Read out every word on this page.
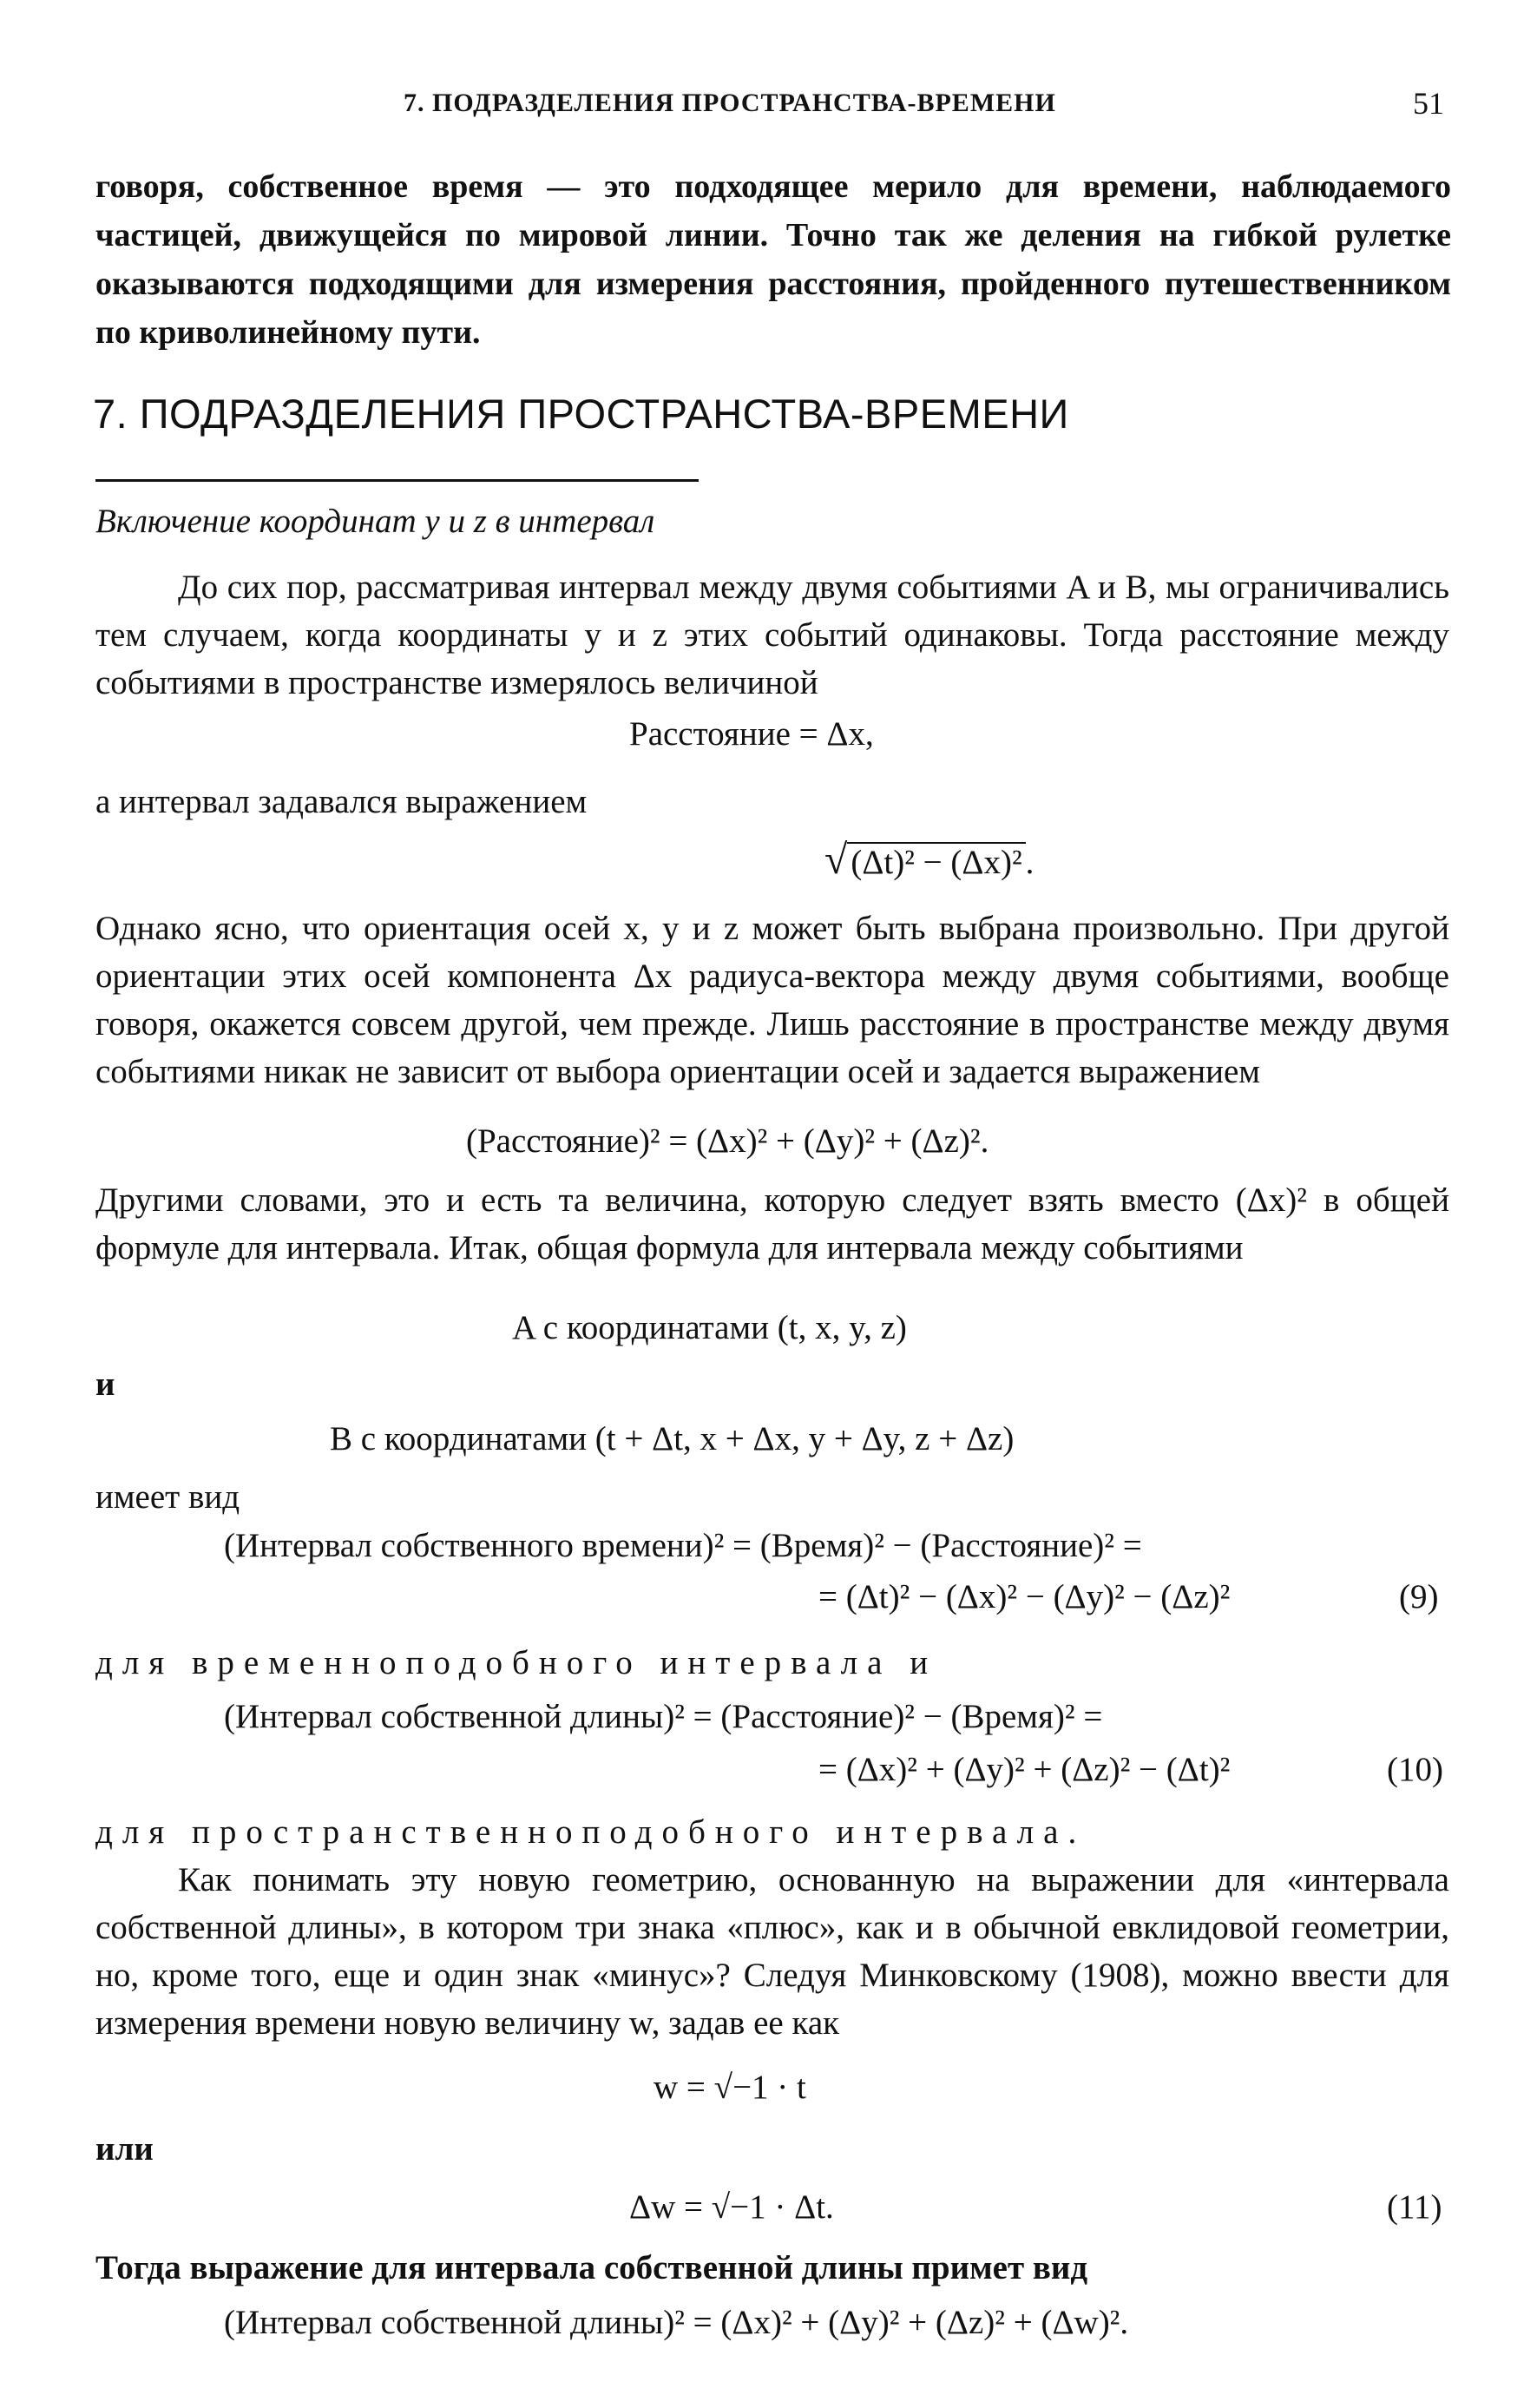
7. ПОДРАЗДЕЛЕНИЯ ПРОСТРАНСТВА-ВРЕМЕНИ	51
говоря, собственное время — это подходящее мерило для времени, наблюдаемого частицей, движущейся по мировой линии. Точно так же деления на гибкой рулетке оказываются подходящими для измерения расстояния, пройденного путешественником по криволинейному пути.
7. ПОДРАЗДЕЛЕНИЯ ПРОСТРАНСТВА-ВРЕМЕНИ
Включение координат y и z в интервал
До сих пор, рассматривая интервал между двумя событиями A и B, мы ограничивались тем случаем, когда координаты y и z этих событий одинаковы. Тогда расстояние между событиями в пространстве измерялось величиной
Расстояние = Δx,
а интервал задавался выражением
√ (Δt)² − (Δx)² .
Однако ясно, что ориентация осей x, y и z может быть выбрана произвольно. При другой ориентации этих осей компонента Δx радиуса-вектора между двумя событиями, вообще говоря, окажется совсем другой, чем прежде. Лишь расстояние в пространстве между двумя событиями никак не зависит от выбора ориентации осей и задается выражением
(Расстояние)² = (Δx)² + (Δy)² + (Δz)².
Другими словами, это и есть та величина, которую следует взять вместо (Δx)² в общей формуле для интервала. Итак, общая формула для интервала между событиями
A с координатами (t, x, y, z)
и
B с координатами (t + Δt, x + Δx, y + Δy, z + Δz)
имеет вид
(Интервал собственного времени)² = (Время)² − (Расстояние)² =
= (Δt)² − (Δx)² − (Δy)² − (Δz)²	(9)
для временноподобного интервала и
(Интервал собственной длины)² = (Расстояние)² − (Время)² =
= (Δx)² + (Δy)² + (Δz)² − (Δt)²	(10)
для пространственноподобного интервала.
Как понимать эту новую геометрию, основанную на выражении для «интервала собственной длины», в котором три знака «плюс», как и в обычной евклидовой геометрии, но, кроме того, еще и один знак «минус»? Следуя Минковскому (1908), можно ввести для измерения времени новую величину w, задав ее как
w = √−1 · t
или
Δw = √−1 · Δt.	(11)
Тогда выражение для интервала собственной длины примет вид
(Интервал собственной длины)² = (Δx)² + (Δy)² + (Δz)² + (Δw)².
